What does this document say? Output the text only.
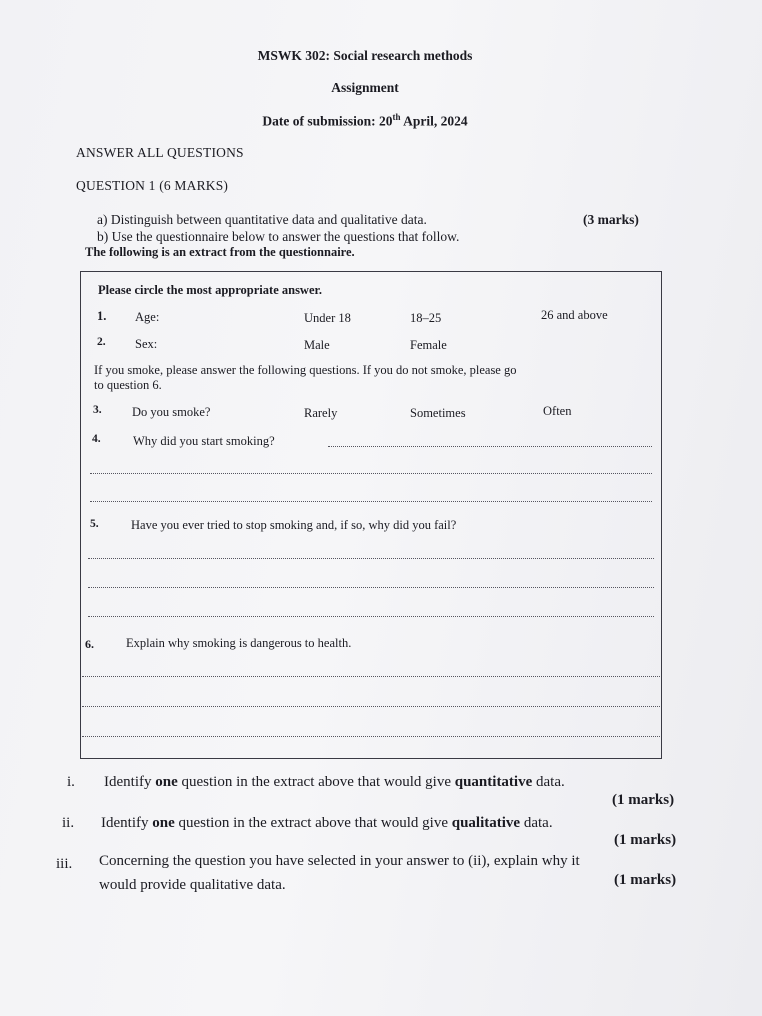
MSWK 302: Social research methods
Assignment
Date of submission: 20th April, 2024
ANSWER ALL QUESTIONS
QUESTION 1 (6 MARKS)
a) Distinguish between quantitative data and qualitative data.	(3 marks)
b) Use the questionnaire below to answer the questions that follow.
The following is an extract from the questionnaire.
Please circle the most appropriate answer.
1. Age:	Under 18	18–25	26 and above
2. Sex:	Male	Female
If you smoke, please answer the following questions. If you do not smoke, please go
to question 6.
3. Do you smoke?	Rarely	Sometimes	Often
4.	Why did you start smoking?
5.	Have you ever tried to stop smoking and, if so, why did you fail?
6.	Explain why smoking is dangerous to health.
i. Identify one question in the extract above that would give quantitative data.
(1 marks)
ii. Identify one question in the extract above that would give qualitative data.
(1 marks)
iii. Concerning the question you have selected in your answer to (ii), explain why it
would provide qualitative data.	(1 marks)
